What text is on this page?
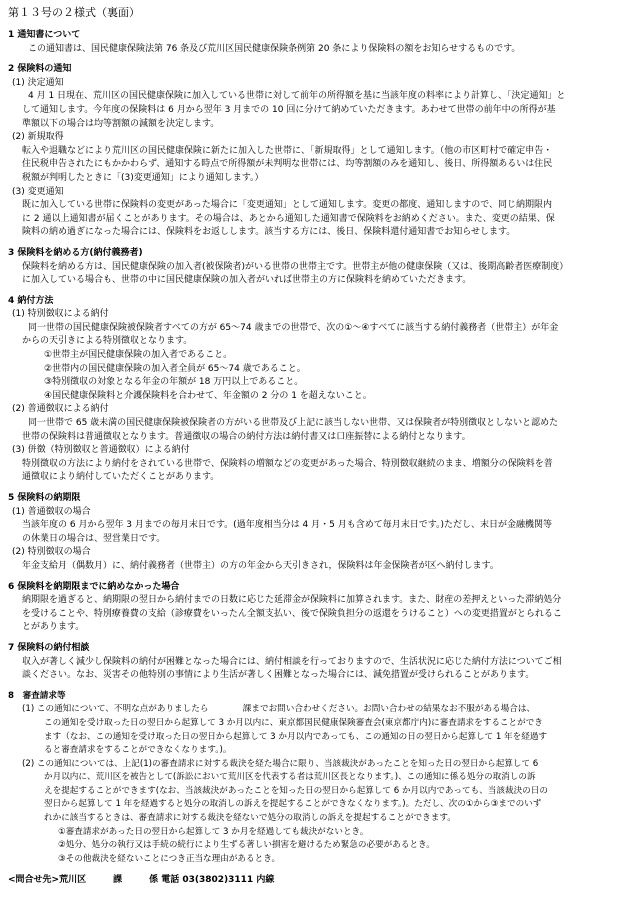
第１３号の２様式（裏面）
1 通知書について
この通知書は、国民健康保険法第 76 条及び荒川区国民健康保険条例第 20 条により保険料の額をお知らせするものです。
2 保険料の通知
(1) 決定通知
4 月 1 日現在、荒川区の国民健康保険に加入している世帯に対して前年の所得額を基に当該年度の料率により計算し、「決定通知」と
して通知します。今年度の保険料は 6 月から翌年 3 月までの 10 回に分けて納めていただきます。あわせて世帯の前年中の所得が基
準額以下の場合は均等割額の減額を決定します。
(2) 新規取得
転入や退職などにより荒川区の国民健康保険に新たに加入した世帯に、「新規取得」として通知します。（他の市区町村で確定申告・
住民税申告されたにもかかわらず、通知する時点で所得額が未判明な世帯には、均等割額のみを通知し、後日、所得額あるいは住民
税額が判明したときに「(3)変更通知」により通知します。）
(3) 変更通知
既に加入している世帯に保険料の変更があった場合に「変更通知」として通知します。変更の都度、通知しますので、同じ納期限内
に 2 通以上通知書が届くことがあります。その場合は、あとから通知した通知書で保険料をお納めください。また、変更の結果、保
険料の納め過ぎになった場合には、保険料をお返しします。該当する方には、後日、保険料還付通知書でお知らせします。
3 保険料を納める方(納付義務者)
保険料を納める方は、国民健康保険の加入者(被保険者)がいる世帯の世帯主です。世帯主が他の健康保険（又は、後期高齢者医療制度）
に加入している場合も、世帯の中に国民健康保険の加入者がいれば世帯主の方に保険料を納めていただきます。
4 納付方法
(1) 特別徴収による納付
同一世帯の国民健康保険被保険者すべての方が 65～74 歳までの世帯で、次の①～④すべてに該当する納付義務者（世帯主）が年金
からの天引きによる特別徴収となります。
①世帯主が国民健康保険の加入者であること。
②世帯内の国民健康保険の加入者全員が 65～74 歳であること。
③特別徴収の対象となる年金の年額が 18 万円以上であること。
④国民健康保険料と介護保険料を合わせて、年金額の 2 分の 1 を超えないこと。
(2) 普通徴収による納付
同一世帯で 65 歳未満の国民健康保険被保険者の方がいる世帯及び上記に該当しない世帯、又は保険者が特別徴収としないと認めた
世帯の保険料は普通徴収となります。普通徴収の場合の納付方法は納付書又は口座振替による納付となります。
(3) 併徴（特別徴収と普通徴収）による納付
特別徴収の方法により納付をされている世帯で、保険料の増額などの変更があった場合、特別徴収継続のまま、増額分の保険料を普
通徴収により納付していただくことがあります。
5 保険料の納期限
(1) 普通徴収の場合
当該年度の 6 月から翌年 3 月までの毎月末日です。(過年度相当分は 4 月・5 月も含めて毎月末日です。)ただし、末日が金融機関等
の休業日の場合は、翌営業日です。
(2) 特別徴収の場合
年金支給月（偶数月）に、納付義務者（世帯主）の方の年金から天引きされ，保険料は年金保険者が区へ納付します。
6 保険料を納期限までに納めなかった場合
納期限を過ぎると、納期限の翌日から納付までの日数に応じた延滞金が保険料に加算されます。また、財産の差押えといった滞納処分
を受けることや、特別療養費の支給（診療費をいったん全額支払い、後で保険負担分の返還をうけること）への変更措置がとられるこ
とがあります。
7 保険料の納付相談
収入が著しく減少し保険料の納付が困難となった場合には、納付相談を行っておりますので、生活状況に応じた納付方法についてご相
談ください。なお、災害その他特別の事情により生活が著しく困難となった場合には、減免措置が受けられることがあります。
8　審査請求等
(1) この通知について、不明な点がありましたら　　　　課までお問い合わせください。お問い合わせの結果なお不服がある場合は、
この通知を受け取った日の翌日から起算して 3 か月以内に、東京都国民健康保険審査会(東京都庁内)に審査請求をすることができ
ます（なお、この通知を受け取った日の翌日から起算して 3 か月以内であっても、この通知の日の翌日から起算して 1 年を経過す
ると審査請求をすることができなくなります。)。
(2) この通知については、上記(1)の審査請求に対する裁決を経た場合に限り、当該裁決があったことを知った日の翌日から起算して 6
か月以内に、荒川区を被告として(訴訟において荒川区を代表する者は荒川区長となります。)、この通知に係る処分の取消しの訴
えを提起することができます(なお、当該裁決があったことを知った日の翌日から起算して 6 か月以内であっても、当該裁決の日の
翌日から起算して 1 年を経過すると処分の取消しの訴えを提起することができなくなります。)。ただし、次の①から③までのいず
れかに該当するときは、審査請求に対する裁決を経ないで処分の取消しの訴えを提起することができます。
①審査請求があった日の翌日から起算して 3 か月を経過しても裁決がないとき。
②処分、処分の執行又は手続の続行により生ずる著しい損害を避けるため緊急の必要があるとき。
③その他裁決を経ないことにつき正当な理由があるとき。
<問合せ先>荒川区　　　課　　　係 電話 03(3802)3111 内線
